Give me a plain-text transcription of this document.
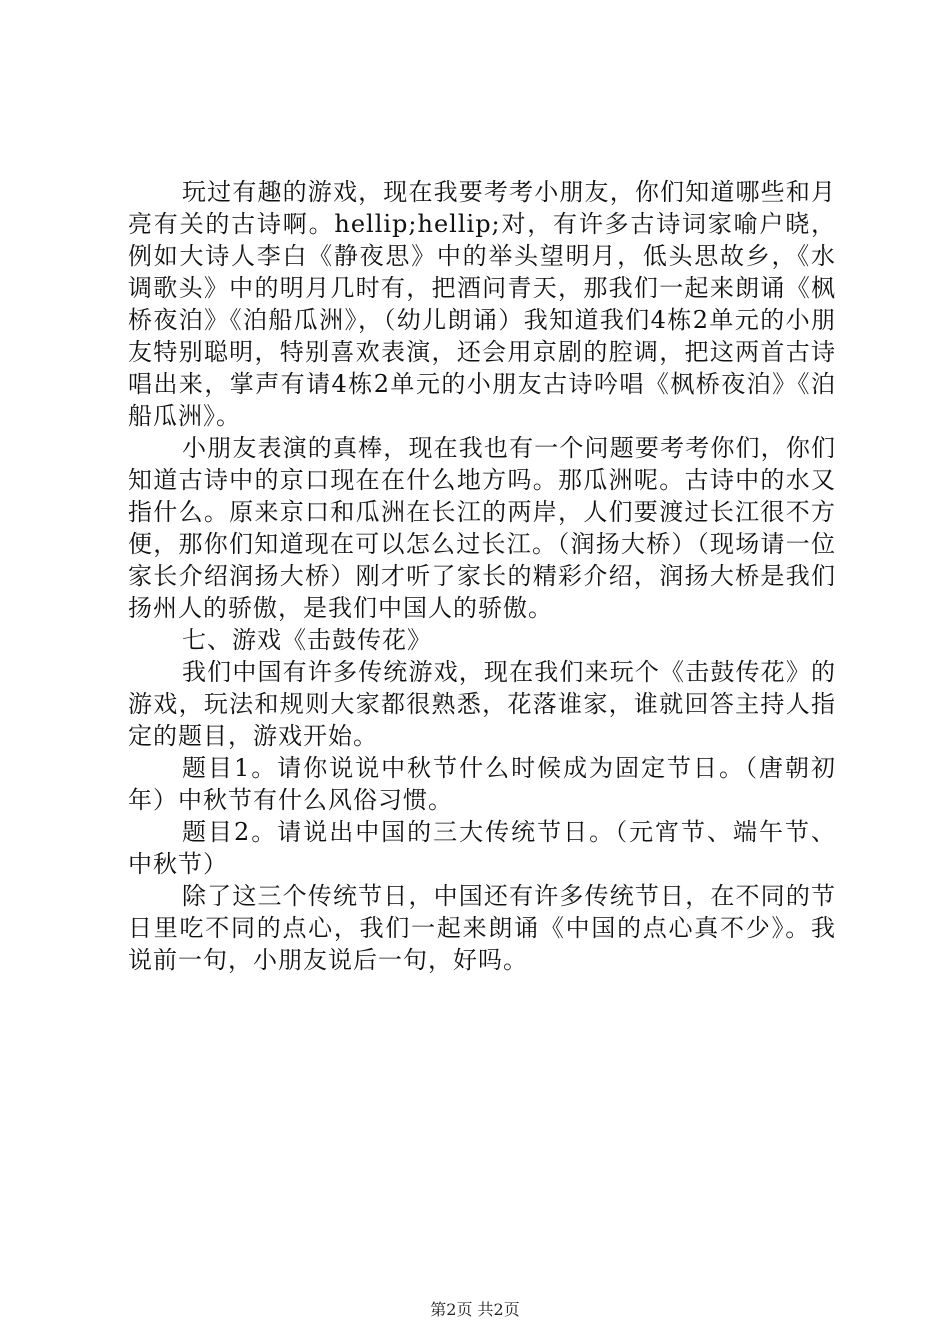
玩过有趣的游戏，现在我要考考小朋友，你们知道哪些和月亮有关的古诗啊。hellip;hellip;对，有许多古诗词家喻户晓，例如大诗人李白《静夜思》中的举头望明月，低头思故乡，《水调歌头》中的明月几时有，把酒问青天，那我们一起来朗诵《枫桥夜泊》《泊船瓜洲》，（幼儿朗诵）我知道我们4栋2单元的小朋友特别聪明，特别喜欢表演，还会用京剧的腔调，把这两首古诗唱出来，掌声有请4栋2单元的小朋友古诗吟唱《枫桥夜泊》《泊船瓜洲》。

小朋友表演的真棒，现在我也有一个问题要考考你们，你们知道古诗中的京口现在在什么地方吗。那瓜洲呢。古诗中的水又指什么。原来京口和瓜洲在长江的两岸，人们要渡过长江很不方便，那你们知道现在可以怎么过长江。（润扬大桥）（现场请一位家长介绍润扬大桥）刚才听了家长的精彩介绍，润扬大桥是我们扬州人的骄傲，是我们中国人的骄傲。

七、游戏《击鼓传花》

我们中国有许多传统游戏，现在我们来玩个《击鼓传花》的游戏，玩法和规则大家都很熟悉，花落谁家，谁就回答主持人指定的题目，游戏开始。

题目1。请你说说中秋节什么时候成为固定节日。（唐朝初年）中秋节有什么风俗习惯。

题目2。请说出中国的三大传统节日。（元宵节、端午节、中秋节）

除了这三个传统节日，中国还有许多传统节日，在不同的节日里吃不同的点心，我们一起来朗诵《中国的点心真不少》。我说前一句，小朋友说后一句，好吗。

第2页 共2页
